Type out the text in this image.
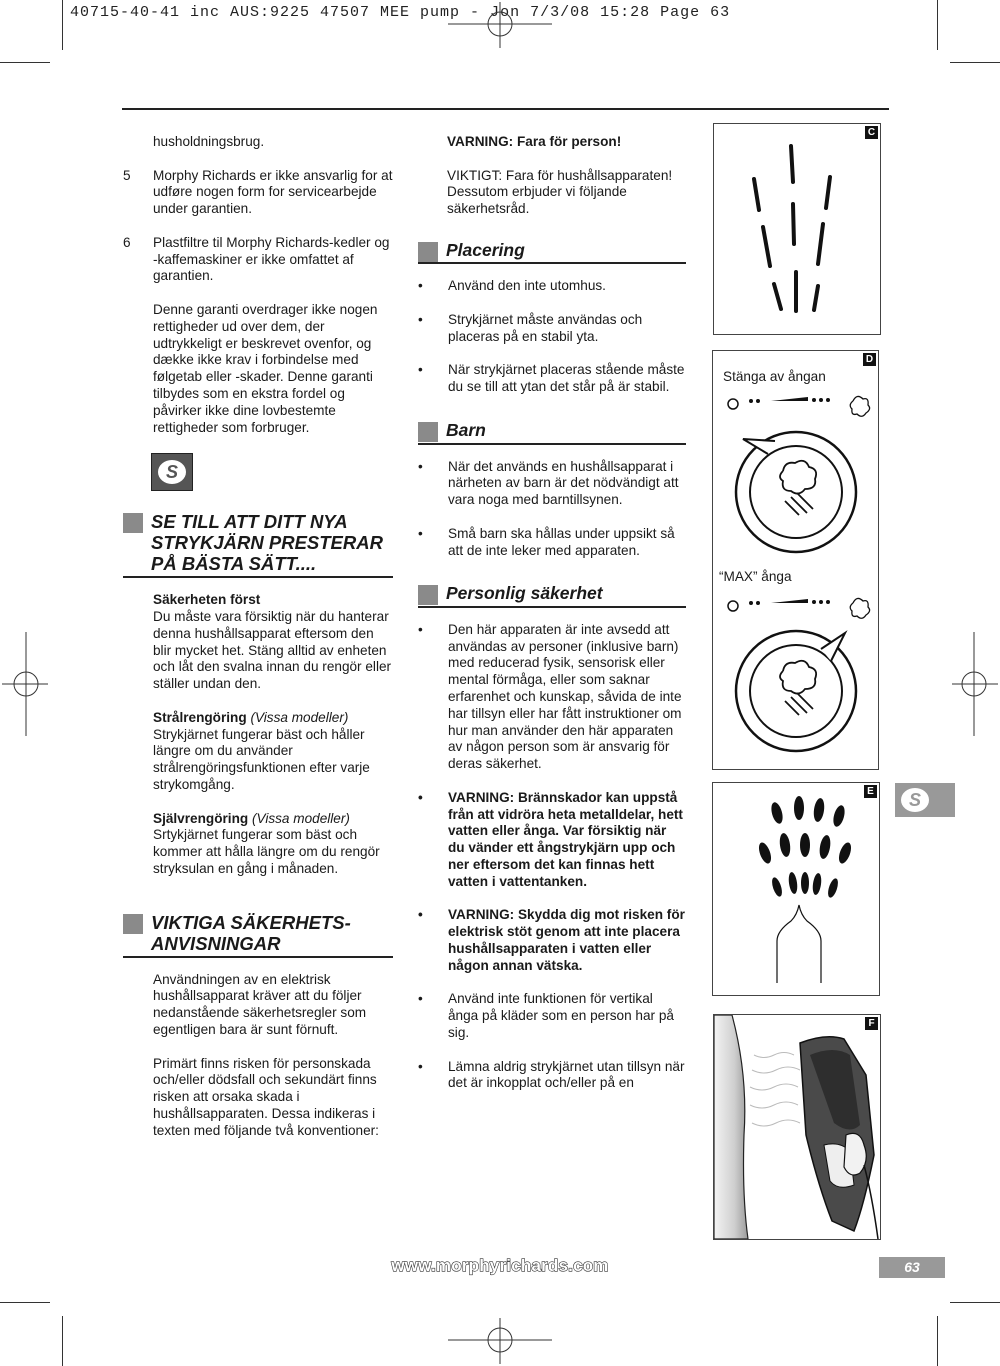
40715-40-41 inc AUS:9225 47507 MEE pump - Jon 7/3/08 15:28 Page 63

husholdningsbrug.

5 Morphy Richards er ikke ansvarlig for at udføre nogen form for servicearbejde under garantien.
6 Plastfiltre til Morphy Richards-kedler og -kaffemaskiner er ikke omfattet af garantien.

Denne garanti overdrager ikke nogen rettigheder ud over dem, der udtrykkeligt er beskrevet ovenfor, og dække ikke krav i forbindelse med følgetab eller -skader. Denne garanti tilbydes som en ekstra fordel og påvirker ikke dine lovbestemte rettigheder som forbruger.

S
SE TILL ATT DITT NYA STRYKJÄRN PRESTERAR PÅ BÄSTA SÄTT....
Säkerheten först

Du måste vara försiktig när du hanterar denna hushållsapparat eftersom den blir mycket het. Stäng alltid av enheten och låt den svalna innan du rengör eller ställer undan den.

Strålrengöring (Vissa modeller)

Strykjärnet fungerar bäst och håller längre om du använder strålrengöringsfunktionen efter varje strykomgång.

Självrengöring (Vissa modeller)

Srtykjärnet fungerar som bäst och kommer att hålla längre om du rengör stryksulan en gång i månaden.

VIKTIGA SÄKERHETS-ANVISNINGAR

Användningen av en elektrisk hushållsapparat kräver att du följer nedanstående säkerhetsregler som egentligen bara är sunt förnuft.

Primärt finns risken för personskada och/eller dödsfall och sekundärt finns risken att orsaka skada i hushållsapparaten. Dessa indikeras i texten med följande två konventioner:

VARNING: Fara för person!

VIKTIGT: Fara för hushållsapparaten! Dessutom erbjuder vi följande säkerhetsråd.

Placering
• Använd den inte utomhus.
• Strykjärnet måste användas och placeras på en stabil yta.
• När strykjärnet placeras stående måste du se till att ytan det står på är stabil.
Barn
• När det används en hushållsapparat i närheten av barn är det nödvändigt att vara noga med barntillsynen.
• Små barn ska hållas under uppsikt så att de inte leker med apparaten.
Personlig säkerhet
• Den här apparaten är inte avsedd att användas av personer (inklusive barn) med reducerad fysik, sensorisk eller mental förmåga, eller som saknar erfarenhet och kunskap, såvida de inte har tillsyn eller har fått instruktioner om hur man använder den här apparaten av någon person som är ansvarig för deras säkerhet.
• VARNING: Brännskador kan uppstå från att vidröra heta metalldelar, hett vatten eller ånga. Var försiktig när du vänder ett ångstrykjärn upp och ner eftersom det kan finnas hett vatten i vattentanken.
• VARNING: Skydda dig mot risken för elektrisk stöt genom att inte placera hushållsapparaten i vatten eller någon annan vätska.
• Använd inte funktionen för vertikal ånga på kläder som en person har på sig.
• Lämna aldrig strykjärnet utan tillsyn när det är inkopplat och/eller på en
C
D
Stänga av ångan
“MAX” ånga
E
F
S
www.morphyrichards.com	63
